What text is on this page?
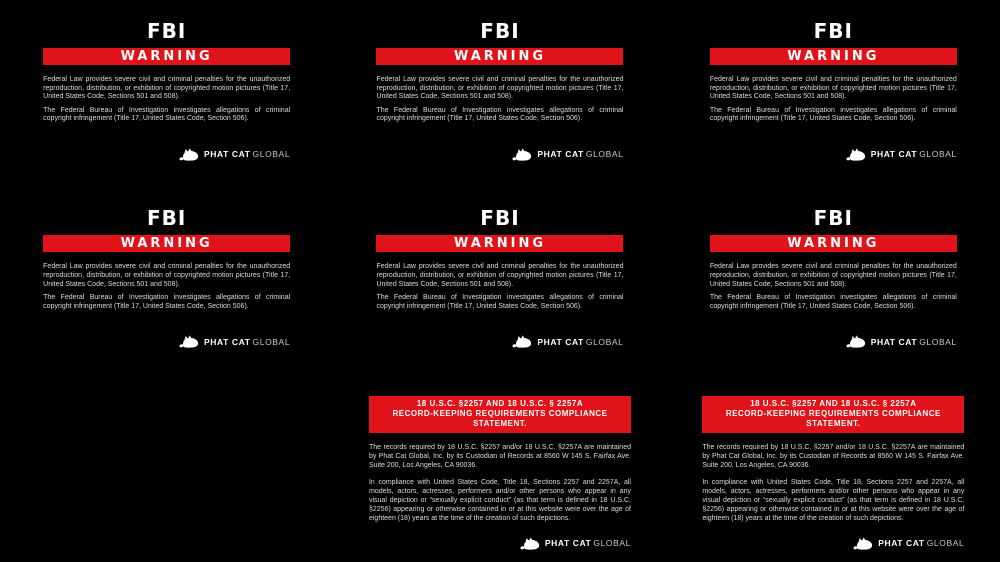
FBI
WARNING
Federal Law provides severe civil and criminal penalties for the unauthorized reproduction, distribution, or exhibition of copyrighted motion pictures (Title 17, United States Code, Sections 501 and 508).
The Federal Bureau of Investigation investigates allegations of criminal copyright infringement (Title 17, United States Code, Section 506).
PHAT CAT GLOBAL
FBI
WARNING
Federal Law provides severe civil and criminal penalties for the unauthorized reproduction, distribution, or exhibition of copyrighted motion pictures (Title 17, United States Code, Sections 501 and 508).
The Federal Bureau of Investigation investigates allegations of criminal copyright infringement (Title 17, United States Code, Section 506).
PHAT CAT GLOBAL
FBI
WARNING
Federal Law provides severe civil and criminal penalties for the unauthorized reproduction, distribution, or exhibition of copyrighted motion pictures (Title 17, United States Code, Sections 501 and 508).
The Federal Bureau of Investigation investigates allegations of criminal copyright infringement (Title 17, United States Code, Section 506).
PHAT CAT GLOBAL
FBI
WARNING
Federal Law provides severe civil and criminal penalties for the unauthorized reproduction, distribution, or exhibition of copyrighted motion pictures (Title 17, United States Code, Sections 501 and 508).
The Federal Bureau of Investigation investigates allegations of criminal copyright infringement (Title 17, United States Code, Section 506).
PHAT CAT GLOBAL
FBI
WARNING
Federal Law provides severe civil and criminal penalties for the unauthorized reproduction, distribution, or exhibition of copyrighted motion pictures (Title 17, United States Code, Sections 501 and 508).
The Federal Bureau of Investigation investigates allegations of criminal copyright infringement (Title 17, United States Code, Section 506).
PHAT CAT GLOBAL
FBI
WARNING
Federal Law provides severe civil and criminal penalties for the unauthorized reproduction, distribution, or exhibition of copyrighted motion pictures (Title 17, United States Code, Sections 501 and 508).
The Federal Bureau of Investigation investigates allegations of criminal copyright infringement (Title 17, United States Code, Section 506).
PHAT CAT GLOBAL
18 U.S.C. §2257 AND 18 U.S.C. § 2257A
RECORD-KEEPING REQUIREMENTS COMPLIANCE STATEMENT.
The records required by 18 U.S.C. §2257 and/or 18 U.S.C. §2257A are maintained by Phat Cat Global, Inc. by its Custodian of Records at 8560 W 145 S. Fairfax Ave. Suite 200, Los Angeles, CA 90036.
In compliance with United States Code, Title 18, Sections 2257 and 2257A, all models, actors, actresses, performers and/or other persons who appear in any visual depiction or “sexually explicit conduct” (as that term is defined in 18 U.S.C. §2256) appearing or otherwise contained in or at this website were over the age of eighteen (18) years at the time of the creation of such depictions.
PHAT CAT GLOBAL
18 U.S.C. §2257 AND 18 U.S.C. § 2257A
RECORD-KEEPING REQUIREMENTS COMPLIANCE STATEMENT.
The records required by 18 U.S.C. §2257 and/or 18 U.S.C. §2257A are maintained by Phat Cat Global, Inc. by its Custodian of Records at 8560 W 145 S. Fairfax Ave. Suite 200, Los Angeles, CA 90036.
In compliance with United States Code, Title 18, Sections 2257 and 2257A, all models, actors, actresses, performers and/or other persons who appear in any visual depiction or “sexually explicit conduct” (as that term is defined in 18 U.S.C. §2256) appearing or otherwise contained in or at this website were over the age of eighteen (18) years at the time of the creation of such depictions.
PHAT CAT GLOBAL
